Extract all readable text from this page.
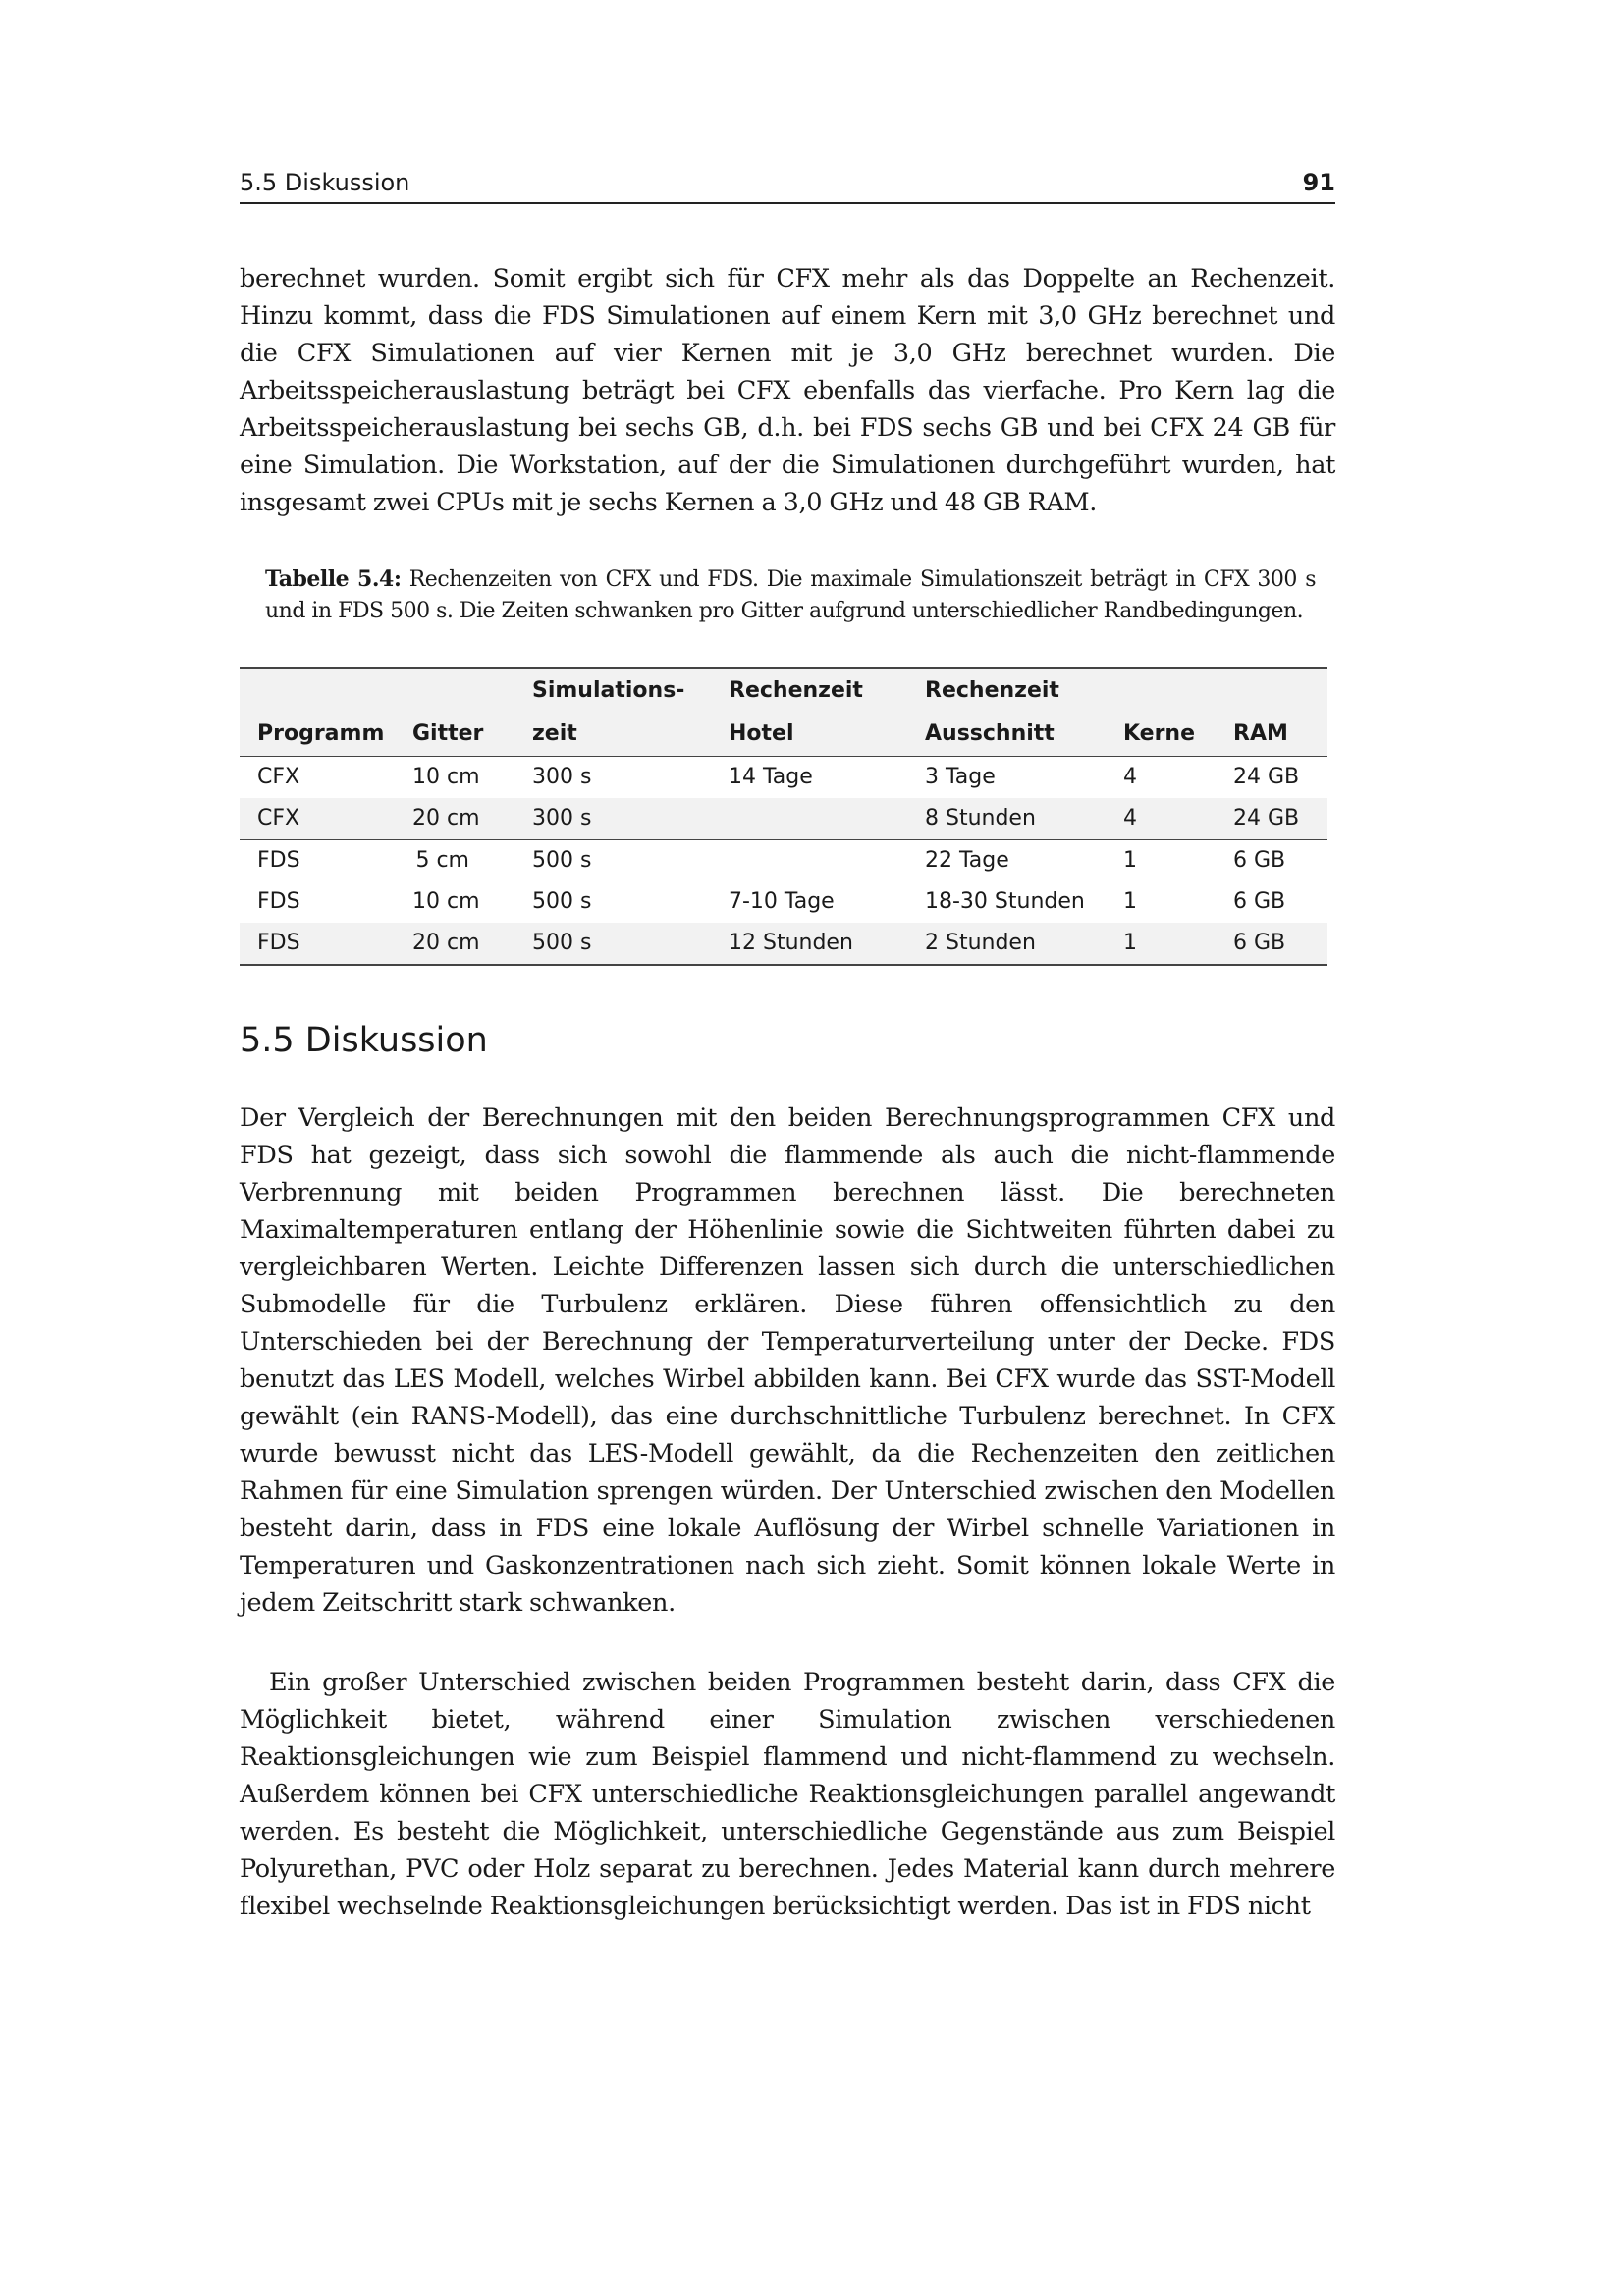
5.5 Diskussion	91

berechnet wurden. Somit ergibt sich für CFX mehr als das Doppelte an Rechenzeit. Hinzu kommt, dass die FDS Simulationen auf einem Kern mit 3,0 GHz berechnet und die CFX Simulationen auf vier Kernen mit je 3,0 GHz berechnet wurden. Die Arbeitsspeicherauslastung beträgt bei CFX ebenfalls das vierfache. Pro Kern lag die Arbeitsspeicherauslastung bei sechs GB, d.h. bei FDS sechs GB und bei CFX 24 GB für eine Simulation. Die Workstation, auf der die Simulationen durchgeführt wurden, hat insgesamt zwei CPUs mit je sechs Kernen a 3,0 GHz und 48 GB RAM.

Tabelle 5.4: Rechenzeiten von CFX und FDS. Die maximale Simulationszeit beträgt in CFX 300 s und in FDS 500 s. Die Zeiten schwanken pro Gitter aufgrund unterschiedlicher Randbedingungen.

		Simulations-	Rechenzeit	Rechenzeit		
Programm	Gitter	zeit	Hotel	Ausschnitt	Kerne	RAM
CFX	10 cm	300 s	14 Tage	3 Tage	4	24 GB
CFX	20 cm	300 s		8 Stunden	4	24 GB
FDS	5 cm	500 s		22 Tage	1	6 GB
FDS	10 cm	500 s	7-10 Tage	18-30 Stunden	1	6 GB
FDS	20 cm	500 s	12 Stunden	2 Stunden	1	6 GB
5.5 Diskussion

Der Vergleich der Berechnungen mit den beiden Berechnungsprogrammen CFX und FDS hat gezeigt, dass sich sowohl die flammende als auch die nicht-flammende Verbrennung mit beiden Programmen berechnen lässt. Die berechneten Maximaltemperaturen entlang der Höhenlinie sowie die Sichtweiten führten dabei zu vergleichbaren Werten. Leichte Differenzen lassen sich durch die unterschiedlichen Submodelle für die Turbulenz erklären. Diese führen offensichtlich zu den Unterschieden bei der Berechnung der Temperaturverteilung unter der Decke. FDS benutzt das LES Modell, welches Wirbel abbilden kann. Bei CFX wurde das SST-Modell gewählt (ein RANS-Modell), das eine durchschnittliche Turbulenz berechnet. In CFX wurde bewusst nicht das LES-Modell gewählt, da die Rechenzeiten den zeitlichen Rahmen für eine Simulation sprengen würden. Der Unterschied zwischen den Modellen besteht darin, dass in FDS eine lokale Auflösung der Wirbel schnelle Variationen in Temperaturen und Gaskonzentrationen nach sich zieht. Somit können lokale Werte in jedem Zeitschritt stark schwanken.

Ein großer Unterschied zwischen beiden Programmen besteht darin, dass CFX die Möglichkeit bietet, während einer Simulation zwischen verschiedenen Reaktionsgleichungen wie zum Beispiel flammend und nicht-flammend zu wechseln. Außerdem können bei CFX unterschiedliche Reaktionsgleichungen parallel angewandt werden. Es besteht die Möglichkeit, unterschiedliche Gegenstände aus zum Beispiel Polyurethan, PVC oder Holz separat zu berechnen. Jedes Material kann durch mehrere flexibel wechselnde Reaktionsgleichungen berücksichtigt werden. Das ist in FDS nicht
